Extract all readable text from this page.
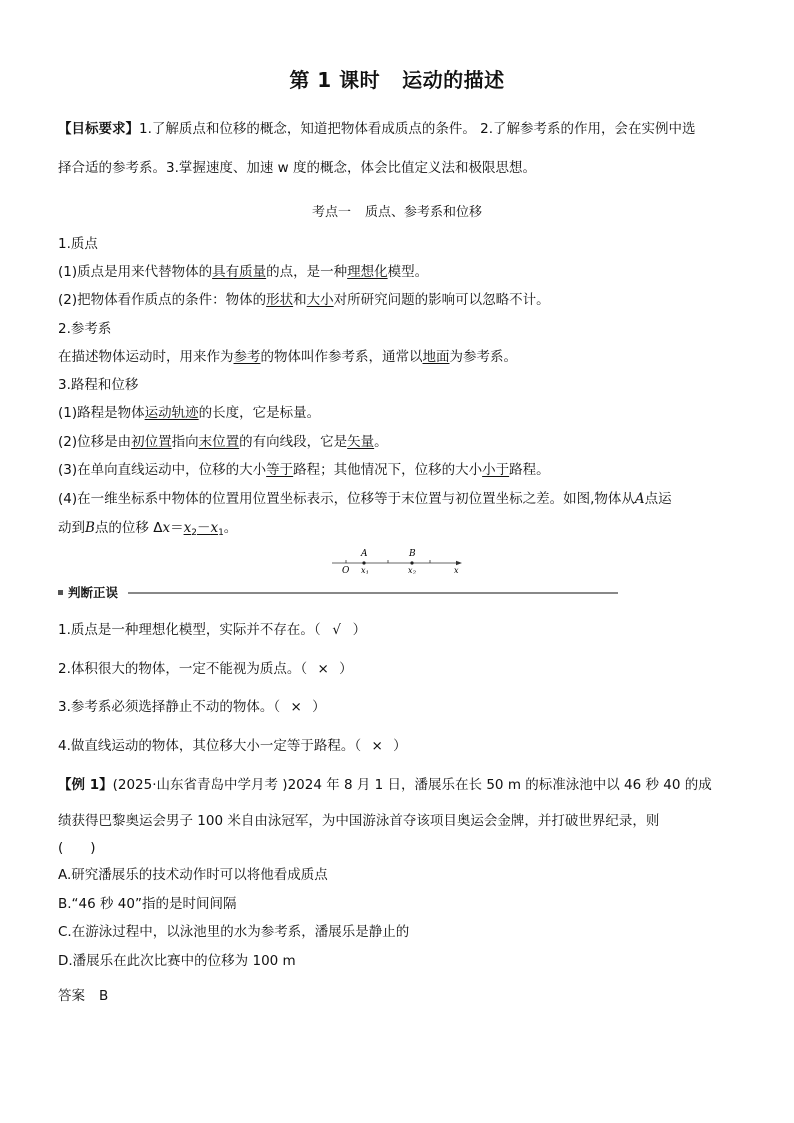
第 1 课时 运动的描述
【目标要求】1.了解质点和位移的概念，知道把物体看成质点的条件。 2.了解参考系的作用，会在实例中选
择合适的参考系。3.掌握速度、加速 w 度的概念，体会比值定义法和极限思想。
考点一 质点、参考系和位移
1.质点
(1)质点是用来代替物体的具有质量的点，是一种理想化模型。
(2)把物体看作质点的条件：物体的形状和大小对所研究问题的影响可以忽略不计。
2.参考系
在描述物体运动时，用来作为参考的物体叫作参考系，通常以地面为参考系。
3.路程和位移
(1)路程是物体运动轨迹的长度，它是标量。
(2)位移是由初位置指向末位置的有向线段，它是矢量。
(3)在单向直线运动中，位移的大小等于路程；其他情况下，位移的大小小于路程。
(4)在一维坐标系中物体的位置用位置坐标表示，位移等于末位置与初位置坐标之差。如图,物体从A点运
动到B点的位移 $\Delta x=x_2-x_1$。
A	B
O x1	x2	x
判断正误
1.质点是一种理想化模型，实际并不存在。（ √ ）
2.体积很大的物体，一定不能视为质点。（ × ）
3.参考系必须选择静止不动的物体。（ × ）
4.做直线运动的物体，其位移大小一定等于路程。（ × ）
【例 1】(2025·山东省青岛中学月考 )2024 年 8 月 1 日，潘展乐在长 50 m 的标准泳池中以 46 秒 40 的成
绩获得巴黎奥运会男子 100 米自由泳冠军，为中国游泳首夺该项目奥运会金牌，并打破世界纪录，则
(　　)
A.研究潘展乐的技术动作时可以将他看成质点
B.“46 秒 40”指的是时间间隔
C.在游泳过程中，以泳池里的水为参考系，潘展乐是静止的
D.潘展乐在此次比赛中的位移为 100 m
答案 B
